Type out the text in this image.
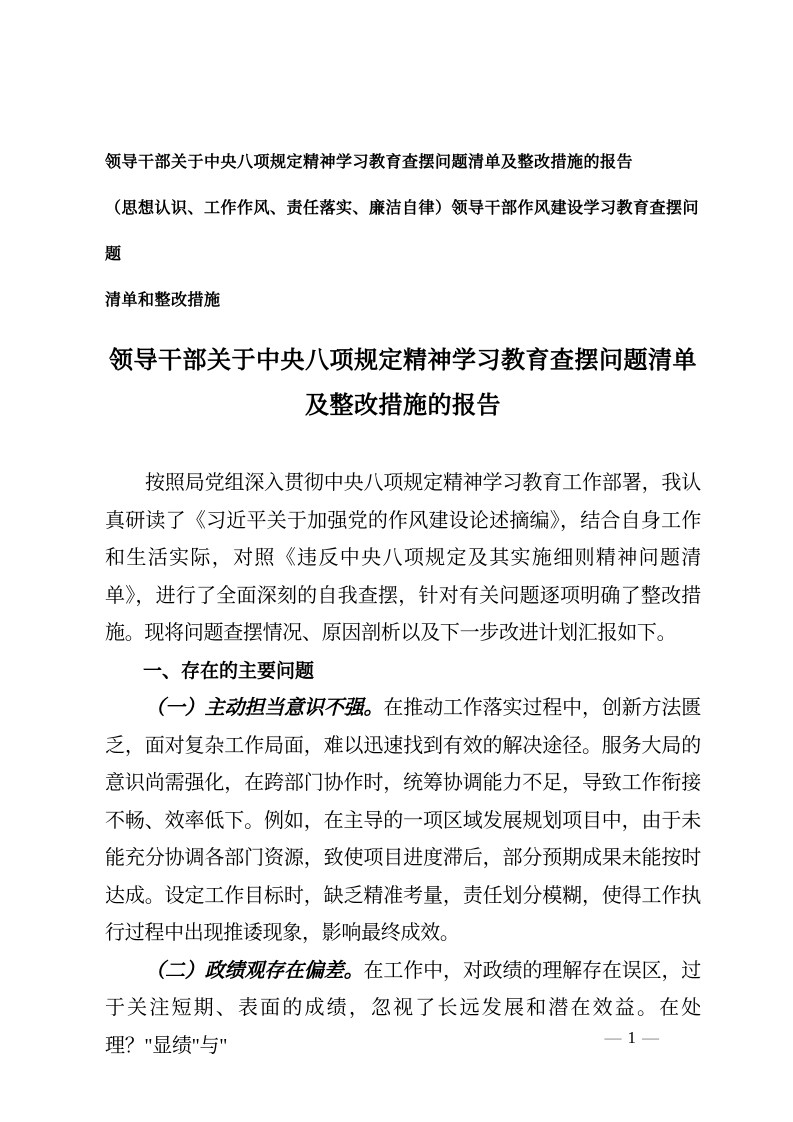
领导干部关于中央八项规定精神学习教育查摆问题清单及整改措施的报告
（思想认识、工作作风、责任落实、廉洁自律）领导干部作风建设学习教育查摆问题
清单和整改措施
领导干部关于中央八项规定精神学习教育查摆问题清单
及整改措施的报告

按照局党组深入贯彻中央八项规定精神学习教育工作部署，我认真研读了《习近平关于加强党的作风建设论述摘编》，结合自身工作和生活实际，对照《违反中央八项规定及其实施细则精神问题清单》，进行了全面深刻的自我查摆，针对有关问题逐项明确了整改措施。现将问题查摆情况、原因剖析以及下一步改进计划汇报如下。

一、存在的主要问题

（一）主动担当意识不强。在推动工作落实过程中，创新方法匮乏，面对复杂工作局面，难以迅速找到有效的解决途径。服务大局的意识尚需强化，在跨部门协作时，统筹协调能力不足，导致工作衔接不畅、效率低下。例如，在主导的一项区域发展规划项目中，由于未能充分协调各部门资源，致使项目进度滞后，部分预期成果未能按时达成。设定工作目标时，缺乏精准考量，责任划分模糊，使得工作执行过程中出现推诿现象，影响最终成效。

（二）政绩观存在偏差。在工作中，对政绩的理解存在误区，过于关注短期、表面的成绩，忽视了长远发展和潜在效益。在处理？"显绩"与"	— 1 —
